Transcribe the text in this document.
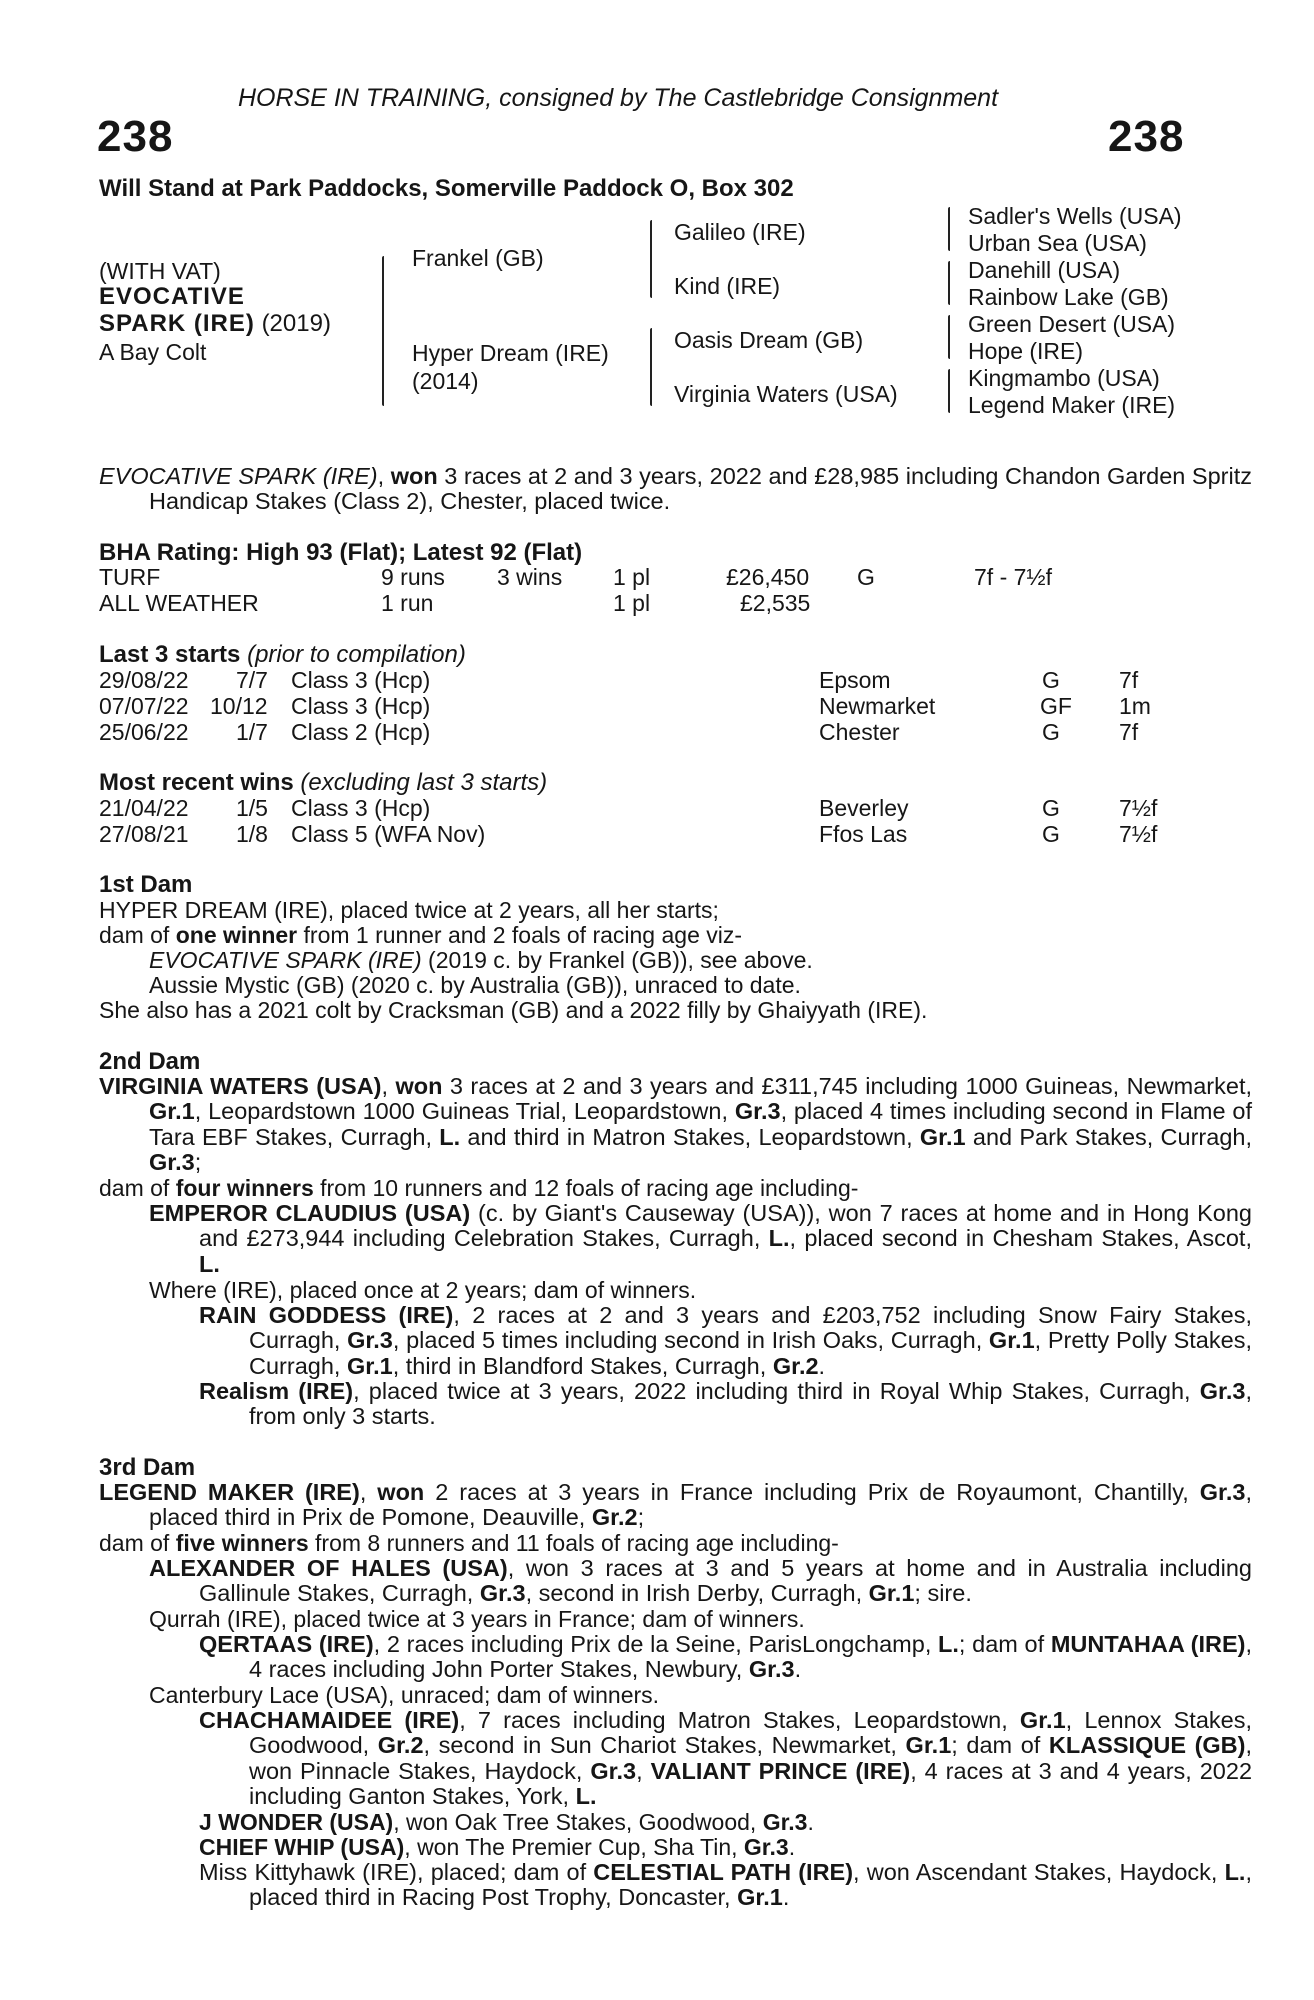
HORSE IN TRAINING, consigned by The Castlebridge Consignment
238	238
Will Stand at Park Paddocks, Somerville Paddock O, Box 302
(WITH VAT)
EVOCATIVE
SPARK (IRE) (2019)
A Bay Colt
Frankel (GB)
Hyper Dream (IRE)
(2014)
Galileo (IRE)
Kind (IRE)
Oasis Dream (GB)
Virginia Waters (USA)
Sadler's Wells (USA)
Urban Sea (USA)
Danehill (USA)
Rainbow Lake (GB)
Green Desert (USA)
Hope (IRE)
Kingmambo (USA)
Legend Maker (IRE)
EVOCATIVE SPARK (IRE), won 3 races at 2 and 3 years, 2022 and £28,985 including Chandon Garden Spritz Handicap Stakes (Class 2), Chester, placed twice.
BHA Rating: High 93 (Flat); Latest 92 (Flat)
TURF	9 runs 3 wins 1 pl	£26,450 G	7f - 7½f
ALL WEATHER	1 run	1 pl	£2,535
Last 3 starts (prior to compilation)
29/08/22 7/7 Class 3 (Hcp)	Epsom	G	7f
07/07/22 10/12 Class 3 (Hcp)	Newmarket	GF 1m
25/06/22 1/7 Class 2 (Hcp)	Chester	G	7f
Most recent wins (excluding last 3 starts)
21/04/22 1/5 Class 3 (Hcp)	Beverley	G	7½f
27/08/21 1/8 Class 5 (WFA Nov)	Ffos Las	G	7½f
1st Dam
HYPER DREAM (IRE), placed twice at 2 years, all her starts;
dam of one winner from 1 runner and 2 foals of racing age viz-
EVOCATIVE SPARK (IRE) (2019 c. by Frankel (GB)), see above.
Aussie Mystic (GB) (2020 c. by Australia (GB)), unraced to date.
She also has a 2021 colt by Cracksman (GB) and a 2022 filly by Ghaiyyath (IRE).
2nd Dam
VIRGINIA WATERS (USA), won 3 races at 2 and 3 years and £311,745 including 1000 Guineas, Newmarket, Gr.1, Leopardstown 1000 Guineas Trial, Leopardstown, Gr.3, placed 4 times including second in Flame of Tara EBF Stakes, Curragh, L. and third in Matron Stakes, Leopardstown, Gr.1 and Park Stakes, Curragh, Gr.3;
dam of four winners from 10 runners and 12 foals of racing age including-
EMPEROR CLAUDIUS (USA) (c. by Giant's Causeway (USA)), won 7 races at home and in Hong Kong and £273,944 including Celebration Stakes, Curragh, L., placed second in Chesham Stakes, Ascot, L.
Where (IRE), placed once at 2 years; dam of winners.
RAIN GODDESS (IRE), 2 races at 2 and 3 years and £203,752 including Snow Fairy Stakes, Curragh, Gr.3, placed 5 times including second in Irish Oaks, Curragh, Gr.1, Pretty Polly Stakes, Curragh, Gr.1, third in Blandford Stakes, Curragh, Gr.2.
Realism (IRE), placed twice at 3 years, 2022 including third in Royal Whip Stakes, Curragh, Gr.3, from only 3 starts.
3rd Dam
LEGEND MAKER (IRE), won 2 races at 3 years in France including Prix de Royaumont, Chantilly, Gr.3, placed third in Prix de Pomone, Deauville, Gr.2;
dam of five winners from 8 runners and 11 foals of racing age including-
ALEXANDER OF HALES (USA), won 3 races at 3 and 5 years at home and in Australia including Gallinule Stakes, Curragh, Gr.3, second in Irish Derby, Curragh, Gr.1; sire.
Qurrah (IRE), placed twice at 3 years in France; dam of winners.
QERTAAS (IRE), 2 races including Prix de la Seine, ParisLongchamp, L.; dam of MUNTAHAA (IRE), 4 races including John Porter Stakes, Newbury, Gr.3.
Canterbury Lace (USA), unraced; dam of winners.
CHACHAMAIDEE (IRE), 7 races including Matron Stakes, Leopardstown, Gr.1, Lennox Stakes, Goodwood, Gr.2, second in Sun Chariot Stakes, Newmarket, Gr.1; dam of KLASSIQUE (GB), won Pinnacle Stakes, Haydock, Gr.3, VALIANT PRINCE (IRE), 4 races at 3 and 4 years, 2022 including Ganton Stakes, York, L.
J WONDER (USA), won Oak Tree Stakes, Goodwood, Gr.3.
CHIEF WHIP (USA), won The Premier Cup, Sha Tin, Gr.3.
Miss Kittyhawk (IRE), placed; dam of CELESTIAL PATH (IRE), won Ascendant Stakes, Haydock, L., placed third in Racing Post Trophy, Doncaster, Gr.1.
